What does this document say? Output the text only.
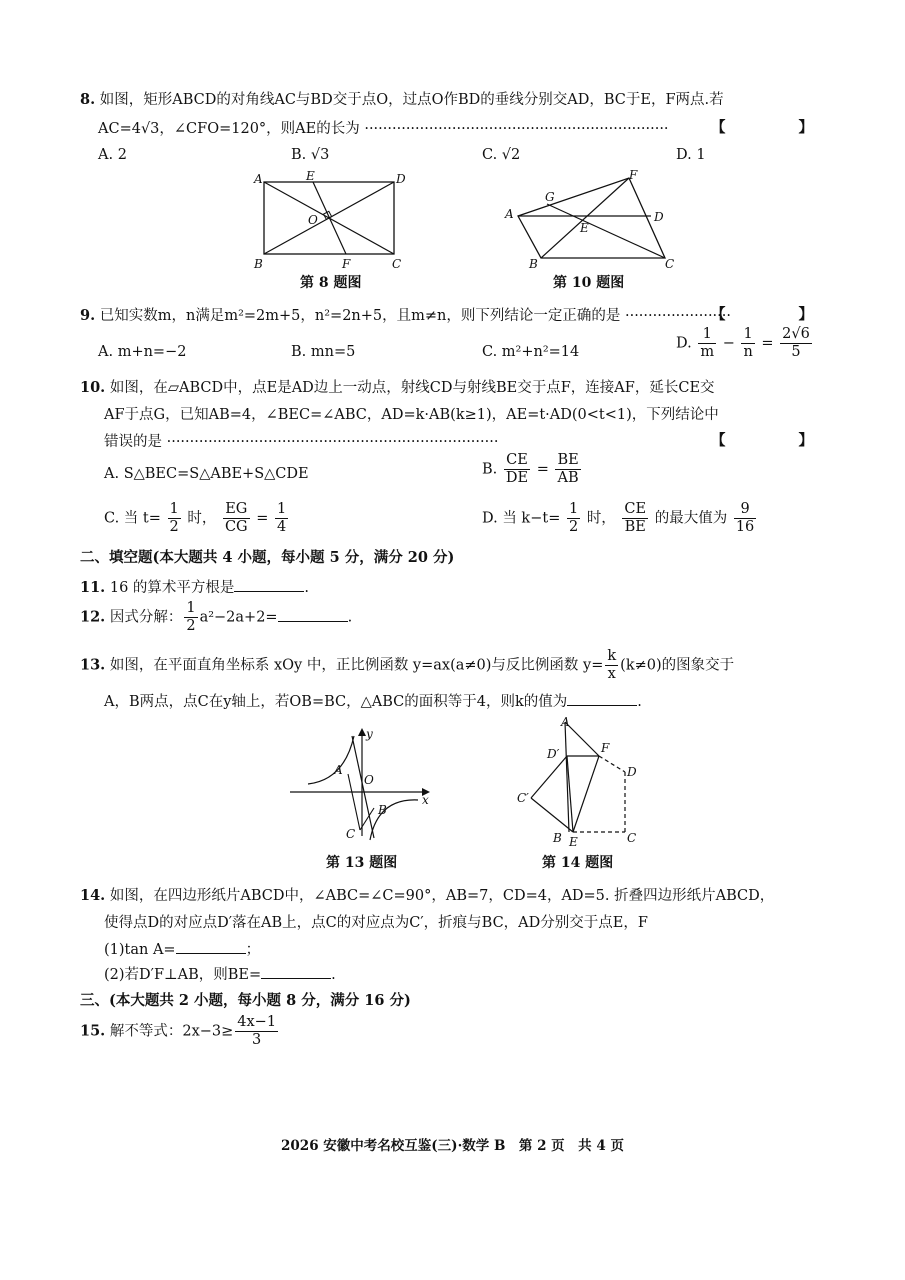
8. 如图，矩形ABCD的对角线AC与BD交于点O，过点O作BD的垂线分别交AD，BC于E，F两点.若
AC=4√3，∠CFO=120°，则AE的长为 ··································································	【 】
A. 2	B. √3	C. √2	D. 1
A	E	D
O
B	F	C
第 8 题图
F
G
A	D
E
B	C
第 10 题图
9. 已知实数m，n满足m²=2m+5，n²=2n+5，且m≠n，则下列结论一定正确的是 ·······················
【 】
A. m+n=−2	B. mn=5	C. m²+n²=14
D. $\frac{1}{m} - \frac{1}{n} = \frac{2√6}{5}$
10. 如图，在▱ABCD中，点E是AD边上一动点，射线CD与射线BE交于点F，连接AF，延长CE交
AF于点G，已知AB=4，∠BEC=∠ABC，AD=k·AB(k≥1)，AE=t·AD(0<t<1)，下列结论中
错误的是 ········································································	【 】
A. S△BEC=S△ABE+S△CDE	B. $\frac{CE}{DE} = \frac{BE}{AB}$
C. 当 $t= \frac{1}{2}$ 时， $\frac{EG}{CG} = \frac{1}{4}$	D. 当 $k-t= \frac{1}{2}$ 时， $\frac{CE}{BE}$ 的最大值为 $\frac{9}{16}$
二、填空题(本大题共 4 小题，每小题 5 分，满分 20 分)
11. 16 的算术平方根是	.
12. 因式分解： $\frac{1}{2} a^2-2a+2=$	.
13. 如图，在平面直角坐标系 xOy 中，正比例函数 y=ax(a≠0)与反比例函数 $y= \frac{k}{x} (k\ne 0)$的图象交于
A，B两点，点C在y轴上，若OB=BC，△ABC的面积等于4，则k的值为	.
y
A
O
x
B
C
第 13 题图
A
D′	F
D
C′
B E	C
第 14 题图
14. 如图，在四边形纸片ABCD中，∠ABC=∠C=90°，AB=7，CD=4，AD=5. 折叠四边形纸片ABCD，
使得点D的对应点D′落在AB上，点C的对应点为C′，折痕与BC，AD分别交于点E，F
(1)tan A=	；
(2)若D′F⊥AB，则BE=	.
三、(本大题共 2 小题，每小题 8 分，满分 16 分)
15. 解不等式：$2x-3\ge \frac{4x-1}{3}$
2026 安徽中考名校互鉴(三)·数学 B　第 2 页　共 4 页
